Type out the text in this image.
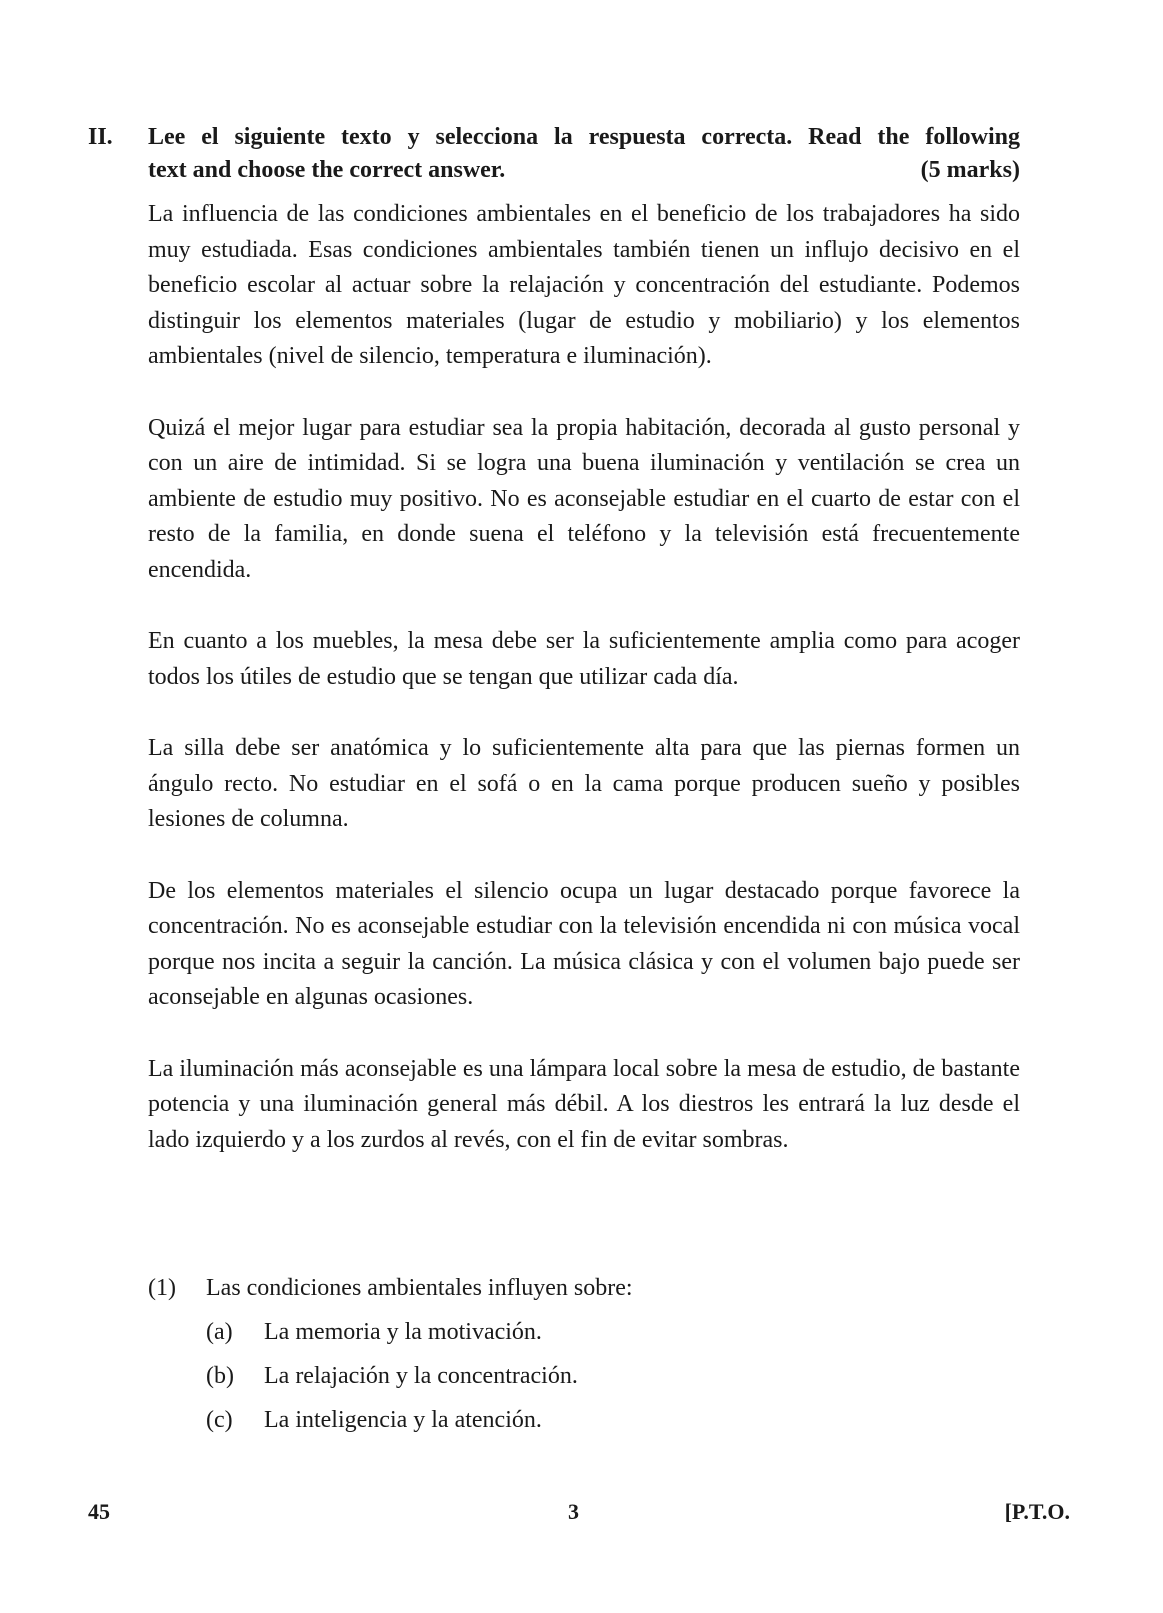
II. Lee el siguiente texto y selecciona la respuesta correcta. Read the following
text and choose the correct answer.	(5 marks)

La influencia de las condiciones ambientales en el beneficio de los trabajadores ha sido muy estudiada. Esas condiciones ambientales también tienen un influjo decisivo en el beneficio escolar al actuar sobre la relajación y concentración del estudiante. Podemos distinguir los elementos materiales (lugar de estudio y mobiliario) y los elementos ambientales (nivel de silencio, temperatura e iluminación).

Quizá el mejor lugar para estudiar sea la propia habitación, decorada al gusto personal y con un aire de intimidad. Si se logra una buena iluminación y ventilación se crea un ambiente de estudio muy positivo. No es aconsejable estudiar en el cuarto de estar con el resto de la familia, en donde suena el teléfono y la televisión está frecuentemente encendida.

En cuanto a los muebles, la mesa debe ser la suficientemente amplia como para acoger todos los útiles de estudio que se tengan que utilizar cada día.

La silla debe ser anatómica y lo suficientemente alta para que las piernas formen un ángulo recto. No estudiar en el sofá o en la cama porque producen sueño y posibles lesiones de columna.

De los elementos materiales el silencio ocupa un lugar destacado porque favorece la concentración. No es aconsejable estudiar con la televisión encendida ni con música vocal porque nos incita a seguir la canción. La música clásica y con el volumen bajo puede ser aconsejable en algunas ocasiones.

La iluminación más aconsejable es una lámpara local sobre la mesa de estudio, de bastante potencia y una iluminación general más débil. A los diestros les entrará la luz desde el lado izquierdo y a los zurdos al revés, con el fin de evitar sombras.

(1)	Las condiciones ambientales influyen sobre:
(a)	La memoria y la motivación.
(b)	La relajación y la concentración.
(c)	La inteligencia y la atención.
45	3	[P.T.O.
